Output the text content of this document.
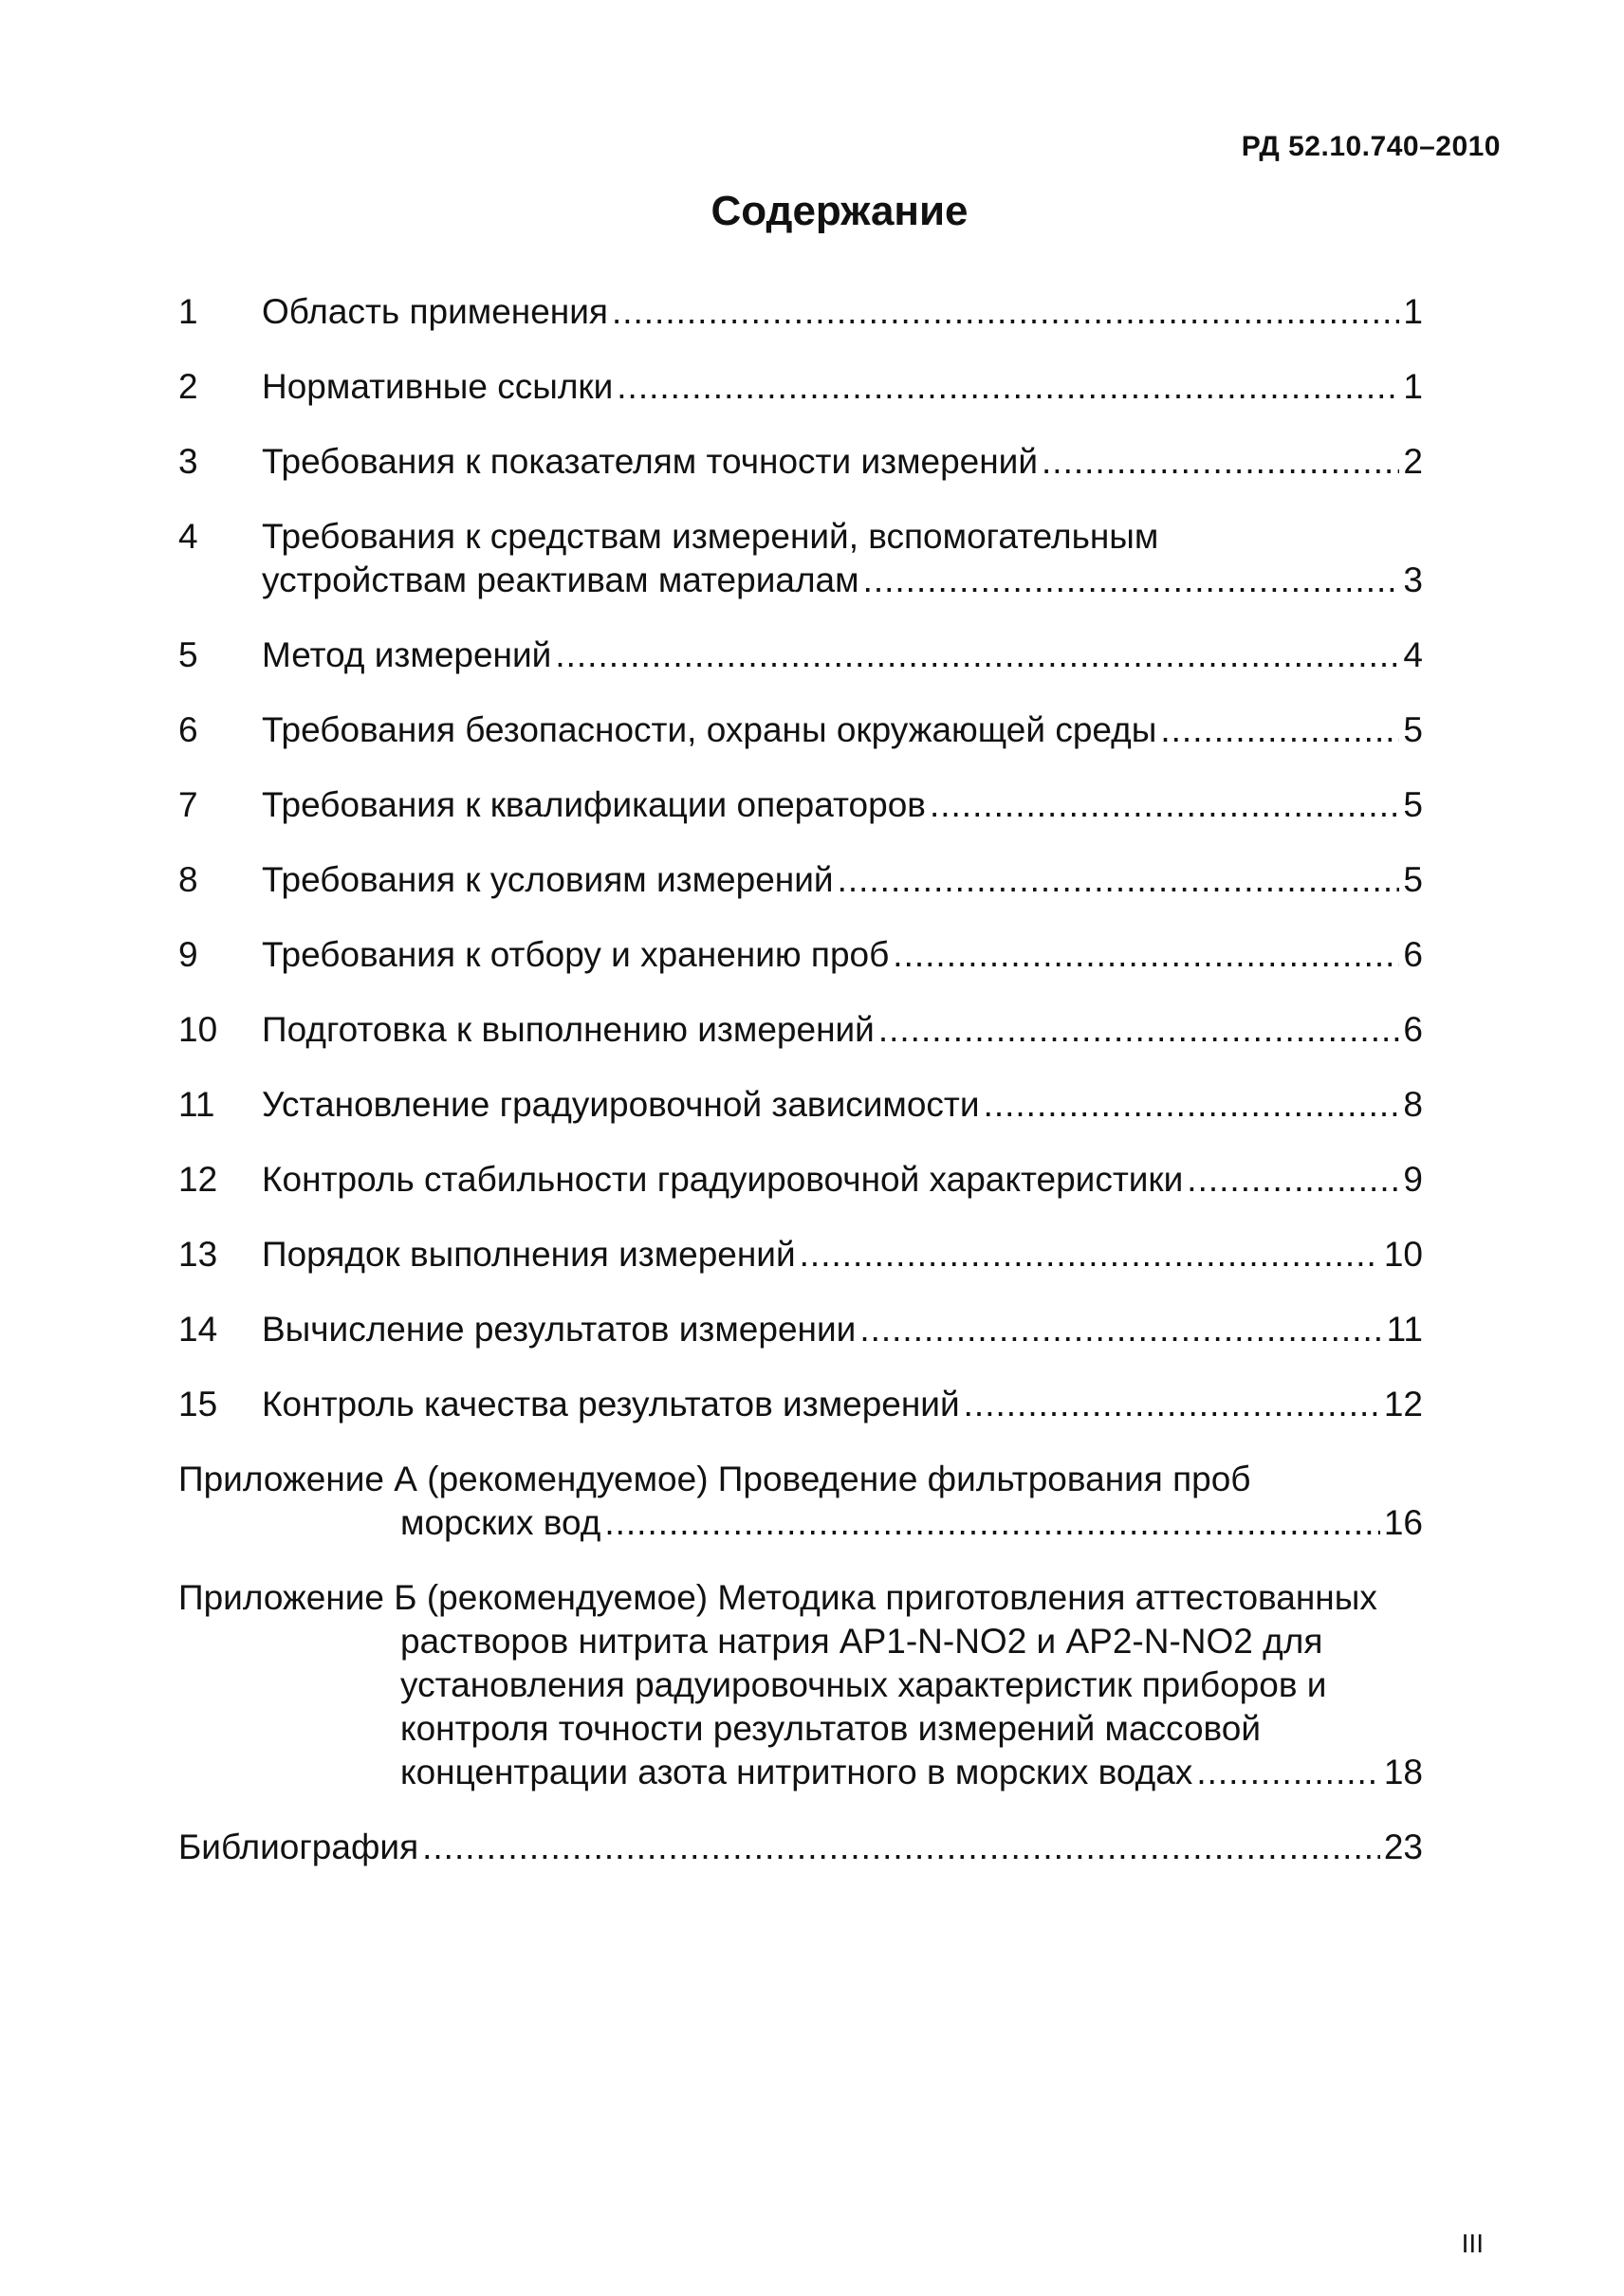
РД 52.10.740–2010
Содержание
1	Область применения .....	1
2	Нормативные ссылки .....	1
3	Требования к показателям точности измерений .....	2
4	Требования к средствам измерений, вспомогательным
устройствам реактивам материалам .....	3
5	Метод измерений .....	4
6	Требования безопасности, охраны окружающей среды .....	5
7	Требования к квалификации операторов .....	5
8	Требования к условиям измерений .....	5
9	Требования к отбору и хранению проб .....	6
10	Подготовка к выполнению измерений .....	6
11	Установление градуировочной зависимости .....	8
12	Контроль стабильности градуировочной характеристики .....	9
13	Порядок выполнения измерений .....	10
14	Вычисление результатов измерении .....	11
15	Контроль качества результатов измерений .....	12
Приложение А (рекомендуемое) Проведение фильтрования проб
морских вод .....	16
Приложение Б (рекомендуемое) Методика приготовления аттестованных
растворов нитрита натрия АР1-N-NO2 и АР2-N-NO2 для
установления радуировочных характеристик приборов и
контроля точности результатов измерений массовой
концентрации азота нитритного в морских водах .....	18
Библиография .....	23
III
